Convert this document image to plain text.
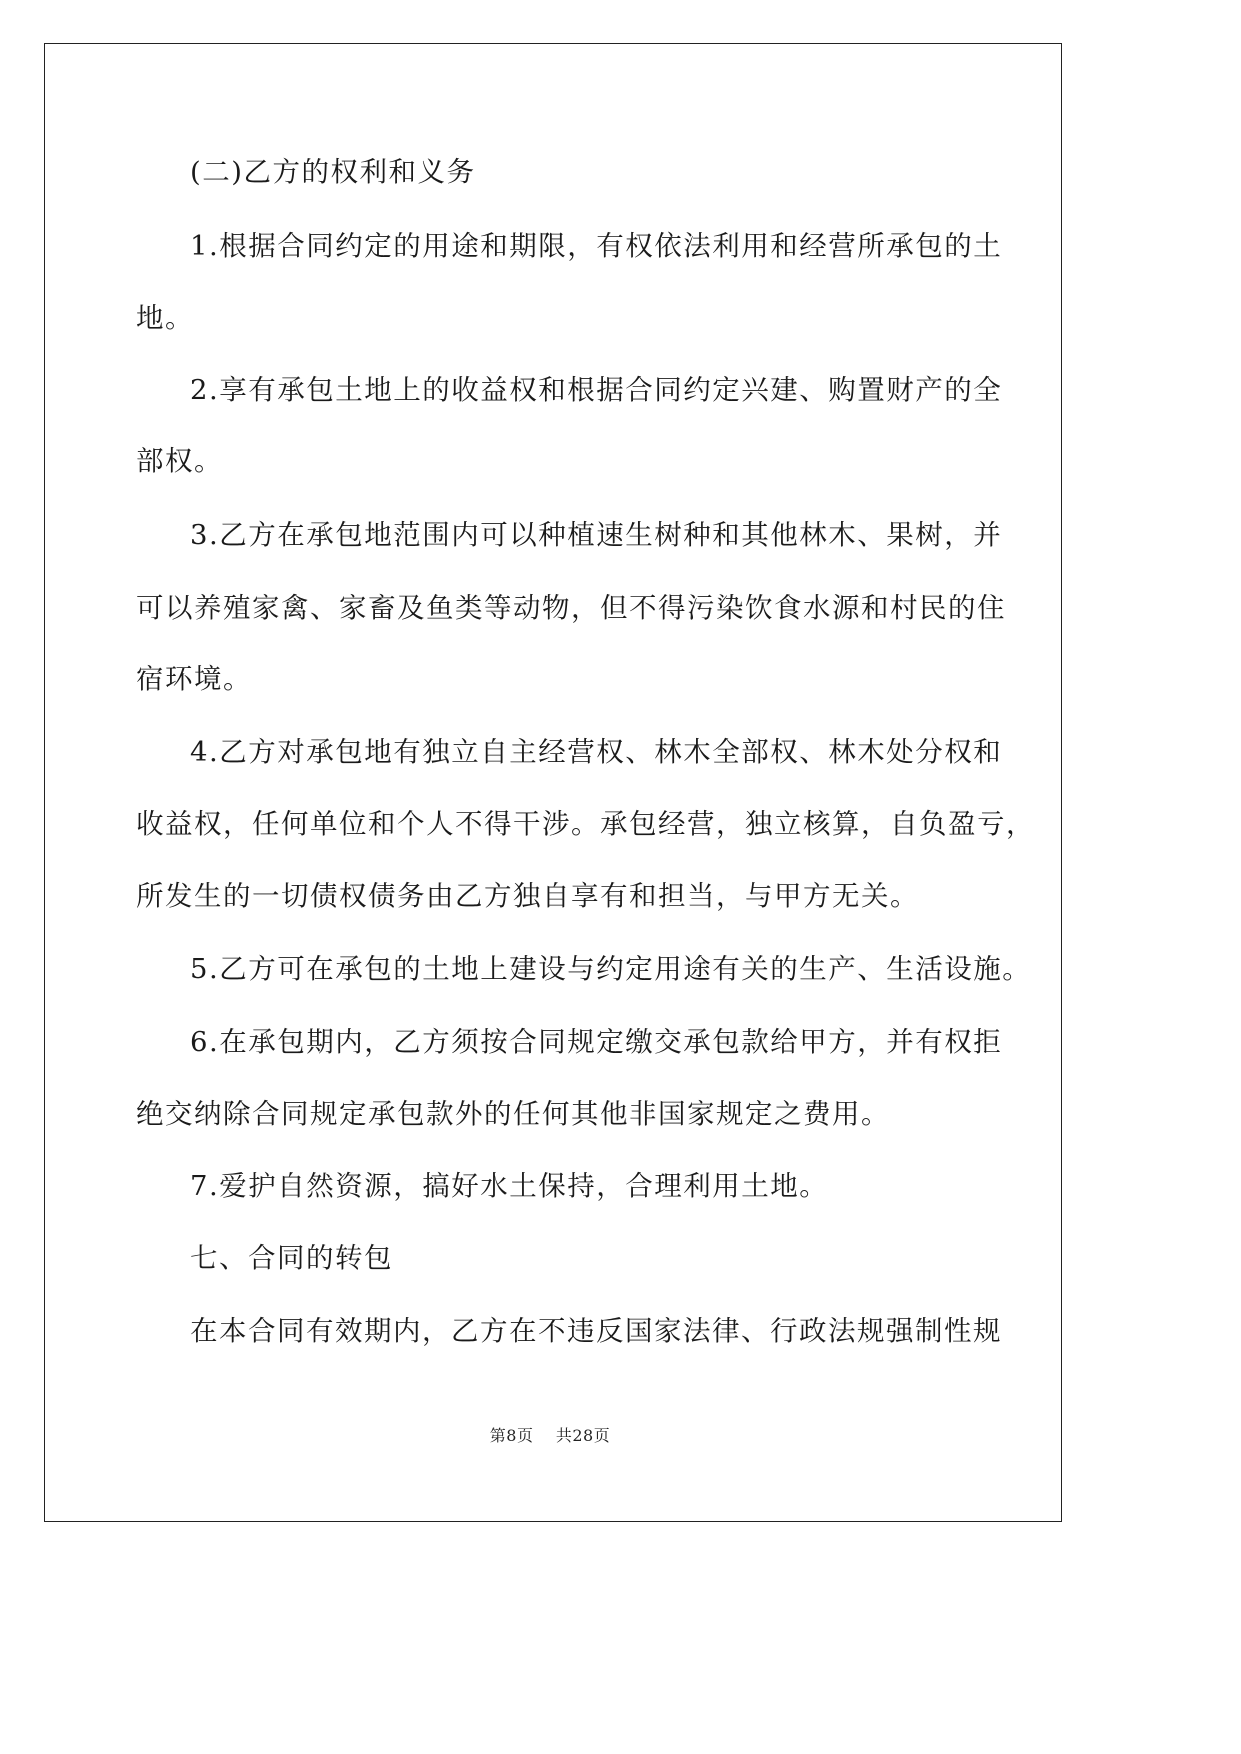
(二)乙方的权利和义务
1.根据合同约定的用途和期限，有权依法利用和经营所承包的土
地。
2.享有承包土地上的收益权和根据合同约定兴建、购置财产的全
部权。
3.乙方在承包地范围内可以种植速生树种和其他林木、果树，并
可以养殖家禽、家畜及鱼类等动物，但不得污染饮食水源和村民的住
宿环境。
4.乙方对承包地有独立自主经营权、林木全部权、林木处分权和
收益权，任何单位和个人不得干涉。承包经营，独立核算，自负盈亏，
所发生的一切债权债务由乙方独自享有和担当，与甲方无关。
5.乙方可在承包的土地上建设与约定用途有关的生产、生活设施。
6.在承包期内，乙方须按合同规定缴交承包款给甲方，并有权拒
绝交纳除合同规定承包款外的任何其他非国家规定之费用。
7.爱护自然资源，搞好水土保持，合理利用土地。
七、合同的转包
在本合同有效期内，乙方在不违反国家法律、行政法规强制性规
第8页 共28页
